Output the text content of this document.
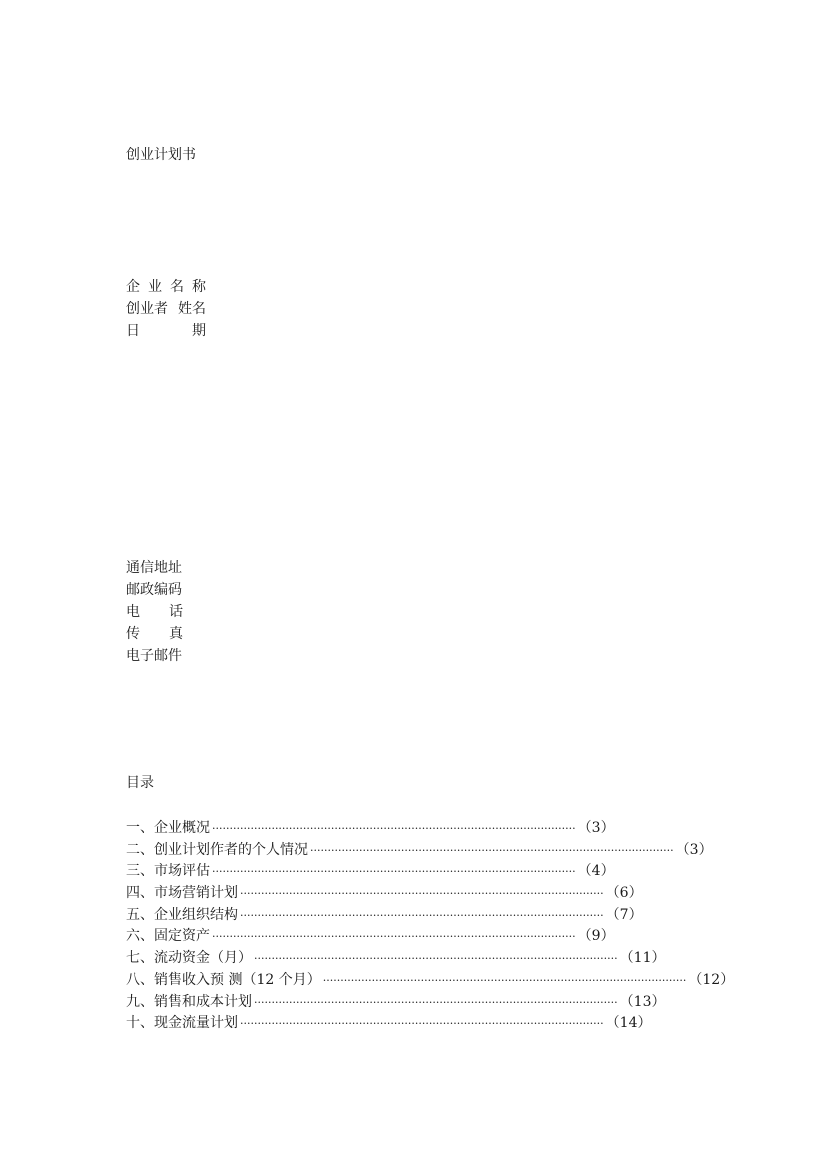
创业计划书
企 业 名 称
创业者 姓名
日	期
通信地址
邮政编码
电 话
传 真
电子邮件
目录
一、企业概况 ········································································································ （3）
二、创业计划作者的个人情况 ········································································································ （3）
三、市场评估 ········································································································ （4）
四、市场营销计划 ········································································································ （6）
五、企业组织结构 ········································································································ （7）
六、固定资产 ········································································································ （9）
七、流动资金（月） ········································································································ （11）
八、销售收入预 测（12 个月） ········································································································ （12）
九、销售和成本计划 ········································································································ （13）
十、现金流量计划 ········································································································ （14）
